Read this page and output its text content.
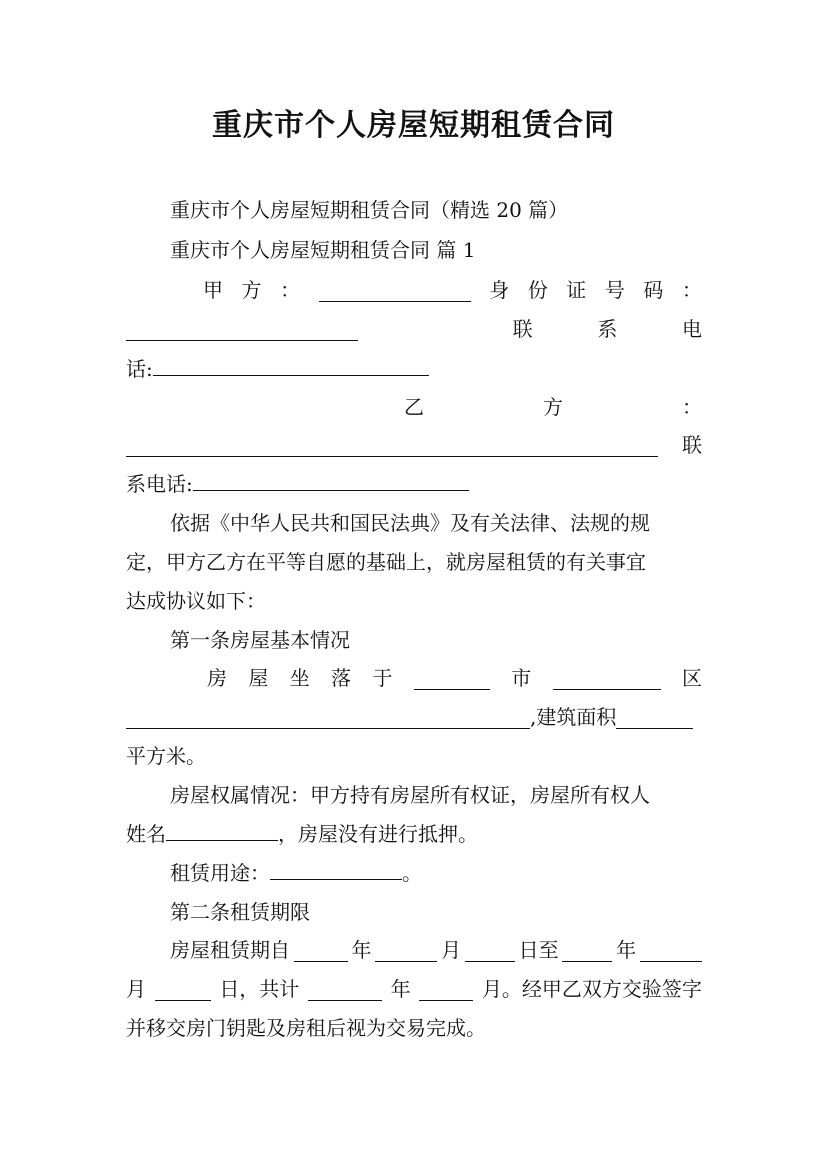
重庆市个人房屋短期租赁合同
重庆市个人房屋短期租赁合同（精选 20 篇）
重庆市个人房屋短期租赁合同 篇 1
甲 方 ：	身 份 证 号 码 ：
联	系	电
话:
乙	方	：
联
系电话:
依据《中华人民共和国民法典》及有关法律、法规的规
定，甲方乙方在平等自愿的基础上，就房屋租赁的有关事宜
达成协议如下：
第一条房屋基本情况
房 屋 坐 落 于	市	区
,建筑面积
平方米。
房屋权属情况：甲方持有房屋所有权证，房屋所有权人
姓名	，房屋没有进行抵押。
租赁用途：	。
第二条租赁期限
房屋租赁期自	年	月	日至	年
月	日，共计	年	月。经甲乙双方交验签字
并移交房门钥匙及房租后视为交易完成。
